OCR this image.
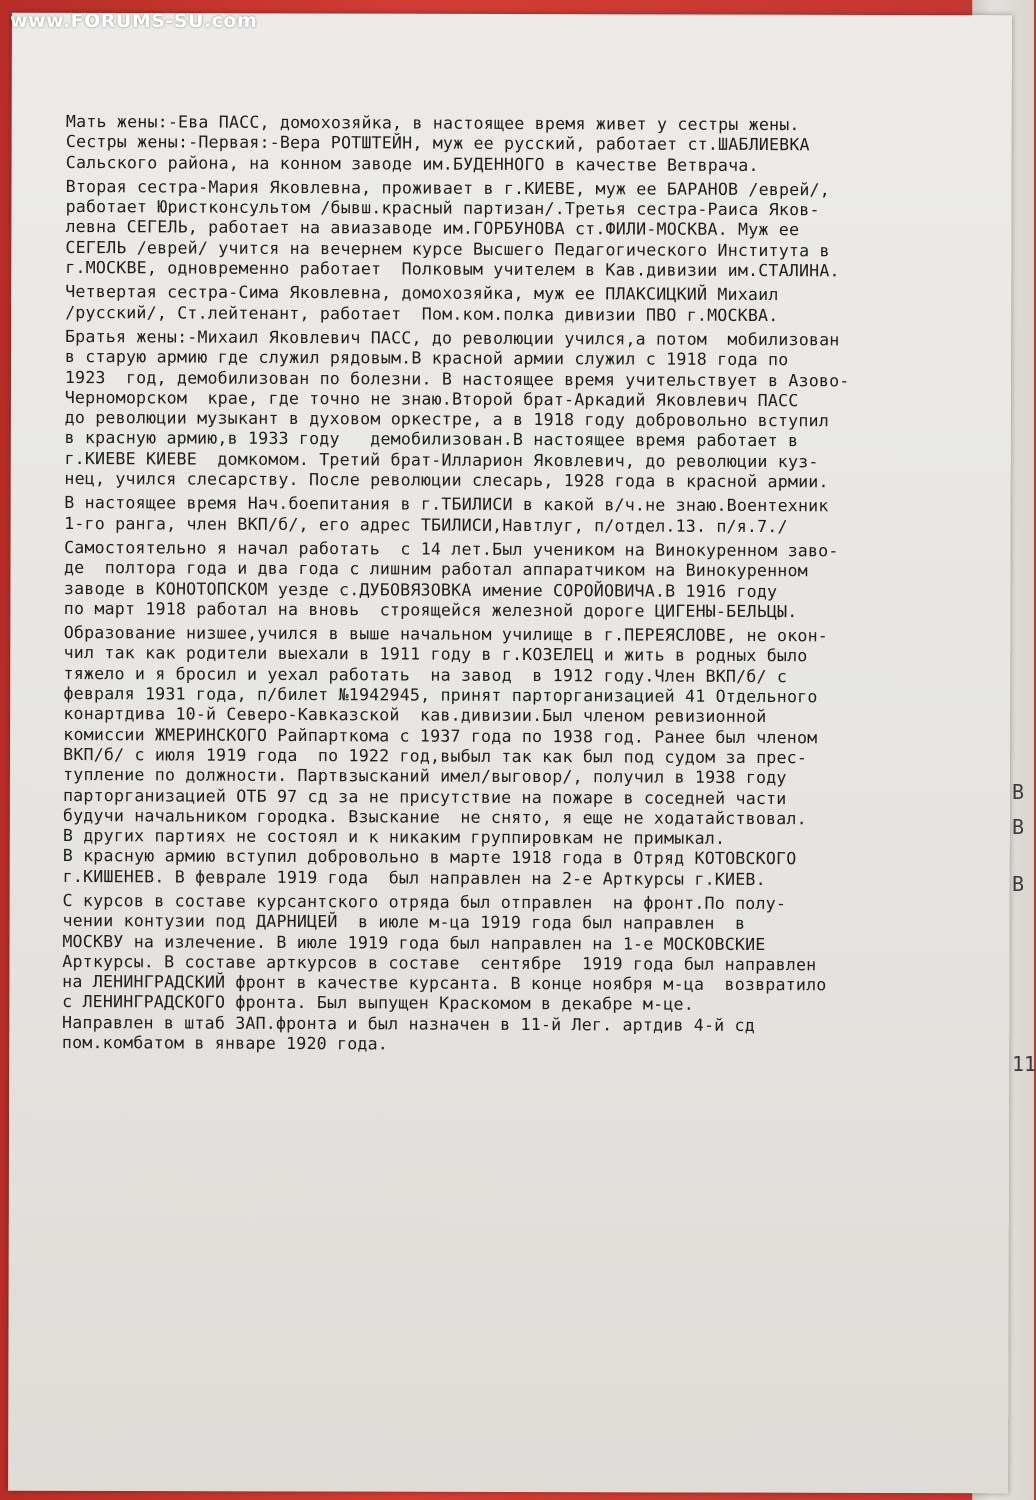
В
В
В
11
Мать жены:-Ева ПАСС, домохозяйка, в настоящее время живет у сестры жены.
Сестры жены:-Первая:-Вера РОТШТЕЙН, муж ее русский, работает ст.ШАБЛИЕВКА
Сальского района, на конном заводе им.БУДЕННОГО в качестве Ветврача.
Вторая сестра-Мария Яковлевна, проживает в г.КИЕВЕ, муж ее БАРАНОВ /еврей/,
работает Юристконсультом /бывш.красный партизан/.Третья сестра-Раиса Яков-
левна СЕГЕЛЬ, работает на авиазаводе им.ГОРБУНОВА ст.ФИЛИ-МОСКВА. Муж ее
СЕГЕЛЬ /еврей/ учится на вечернем курсе Высшего Педагогического Института в
г.МОСКВЕ, одновременно работает  Полковым учителем в Кав.дивизии им.СТАЛИНА.
Четвертая сестра-Сима Яковлевна, домохозяйка, муж ее ПЛАКСИЦКИЙ Михаил
/русский/, Ст.лейтенант, работает  Пом.ком.полка дивизии ПВО г.МОСКВА.
Братья жены:-Михаил Яковлевич ПАСС, до революции учился,а потом  мобилизован
в старую армию где служил рядовым.В красной армии служил с 1918 года по
1923  год, демобилизован по болезни. В настоящее время учительствует в Азово-
Черноморском  крае, где точно не знаю.Второй брат-Аркадий Яковлевич ПАСС
до революции музыкант в духовом оркестре, а в 1918 году добровольно вступил
в красную армию,в 1933 году   демобилизован.В настоящее время работает в
г.КИЕВЕ КИЕВЕ  домкомом. Третий брат-Илларион Яковлевич, до революции куз-
нец, учился слесарству. После революции слесарь, 1928 года в красной армии.
В настоящее время Нач.боепитания в г.ТБИЛИСИ в какой в/ч.не знаю.Воентехник
1-го ранга, член ВКП/б/, его адрес ТБИЛИСИ,Навтлуг, п/отдел.13. п/я.7./
Самостоятельно я начал работать  с 14 лет.Был учеником на Винокуренном заво-
де  полтора года и два года с лишним работал аппаратчиком на Винокуренном
заводе в КОНОТОПСКОМ уезде с.ДУБОВЯЗОВКА имение СОРОЙОВИЧА.В 1916 году
по март 1918 работал на вновь  строящейся железной дороге ЦИГЕНЫ-БЕЛЬЦЫ.
Образование низшее,учился в выше начальном училище в г.ПЕРЕЯСЛОВЕ, не окон-
чил так как родители выехали в 1911 году в г.КОЗЕЛЕЦ и жить в родных было
тяжело и я бросил и уехал работать  на завод  в 1912 году.Член ВКП/б/ с
февраля 1931 года, п/билет №1942945, принят парторганизацией 41 Отдельного
конартдива 10-й Северо-Кавказской  кав.дивизии.Был членом ревизионной
комиссии ЖМЕРИНСКОГО Райпарткома с 1937 года по 1938 год. Ранее был членом
ВКП/б/ с июля 1919 года  по 1922 год,выбыл так как был под судом за прес-
тупление по должности. Партвзысканий имел/выговор/, получил в 1938 году
парторганизацией ОТБ 97 сд за не присутствие на пожаре в соседней части
будучи начальником городка. Взыскание  не снято, я еще не ходатайствовал.
В других партиях не состоял и к никаким группировкам не примыкал.
В красную армию вступил добровольно в марте 1918 года в Отряд КОТОВСКОГО
г.КИШЕНЕВ. В феврале 1919 года  был направлен на 2-е Арткурсы г.КИЕВ.
С курсов в составе курсантского отряда был отправлен  на фронт.По полу-
чении контузии под ДАРНИЦЕЙ  в июле м-ца 1919 года был направлен  в
МОСКВУ на излечение. В июле 1919 года был направлен на 1-е МОСКОВСКИЕ
Арткурсы. В составе арткурсов в составе  сентябре  1919 года был направлен
на ЛЕНИНГРАДСКИЙ фронт в качестве курсанта. В конце ноября м-ца  возвратило
с ЛЕНИНГРАДСКОГО фронта. Был выпущен Краскомом в декабре м-це.
Направлен в штаб ЗАП.фронта и был назначен в 11-й Лег. артдив 4-й сд
пом.комбатом в январе 1920 года.
www.FORUMS-SU.com
